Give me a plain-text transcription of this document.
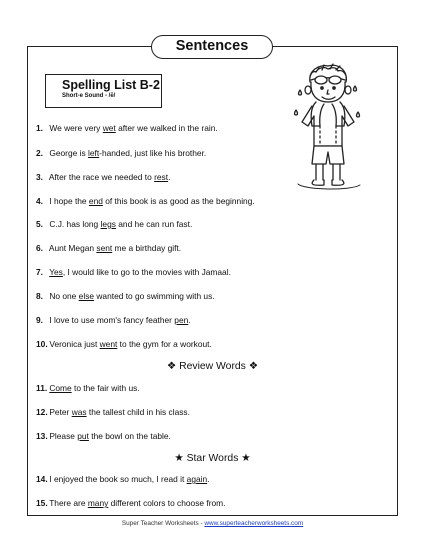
Sentences
Spelling List B-2
Short-e Sound - /ĕ/
1. We were very wet after we walked in the rain.
2. George is left-handed, just like his brother.
3. After the race we needed to rest.
4. I hope the end of this book is as good as the beginning.
5. C.J. has long legs and he can run fast.
6. Aunt Megan sent me a birthday gift.
7. Yes, I would like to go to the movies with Jamaal.
8. No one else wanted to go swimming with us.
9. I love to use mom's fancy feather pen.
10. Veronica just went to the gym for a workout.
❖ Review Words ❖
11. Come to the fair with us.
12. Peter was the tallest child in his class.
13. Please put the bowl on the table.
★ Star Words ★
14. I enjoyed the book so much, I read it again.
15. There are many different colors to choose from.
Super Teacher Worksheets - www.superteacherworksheets.com
